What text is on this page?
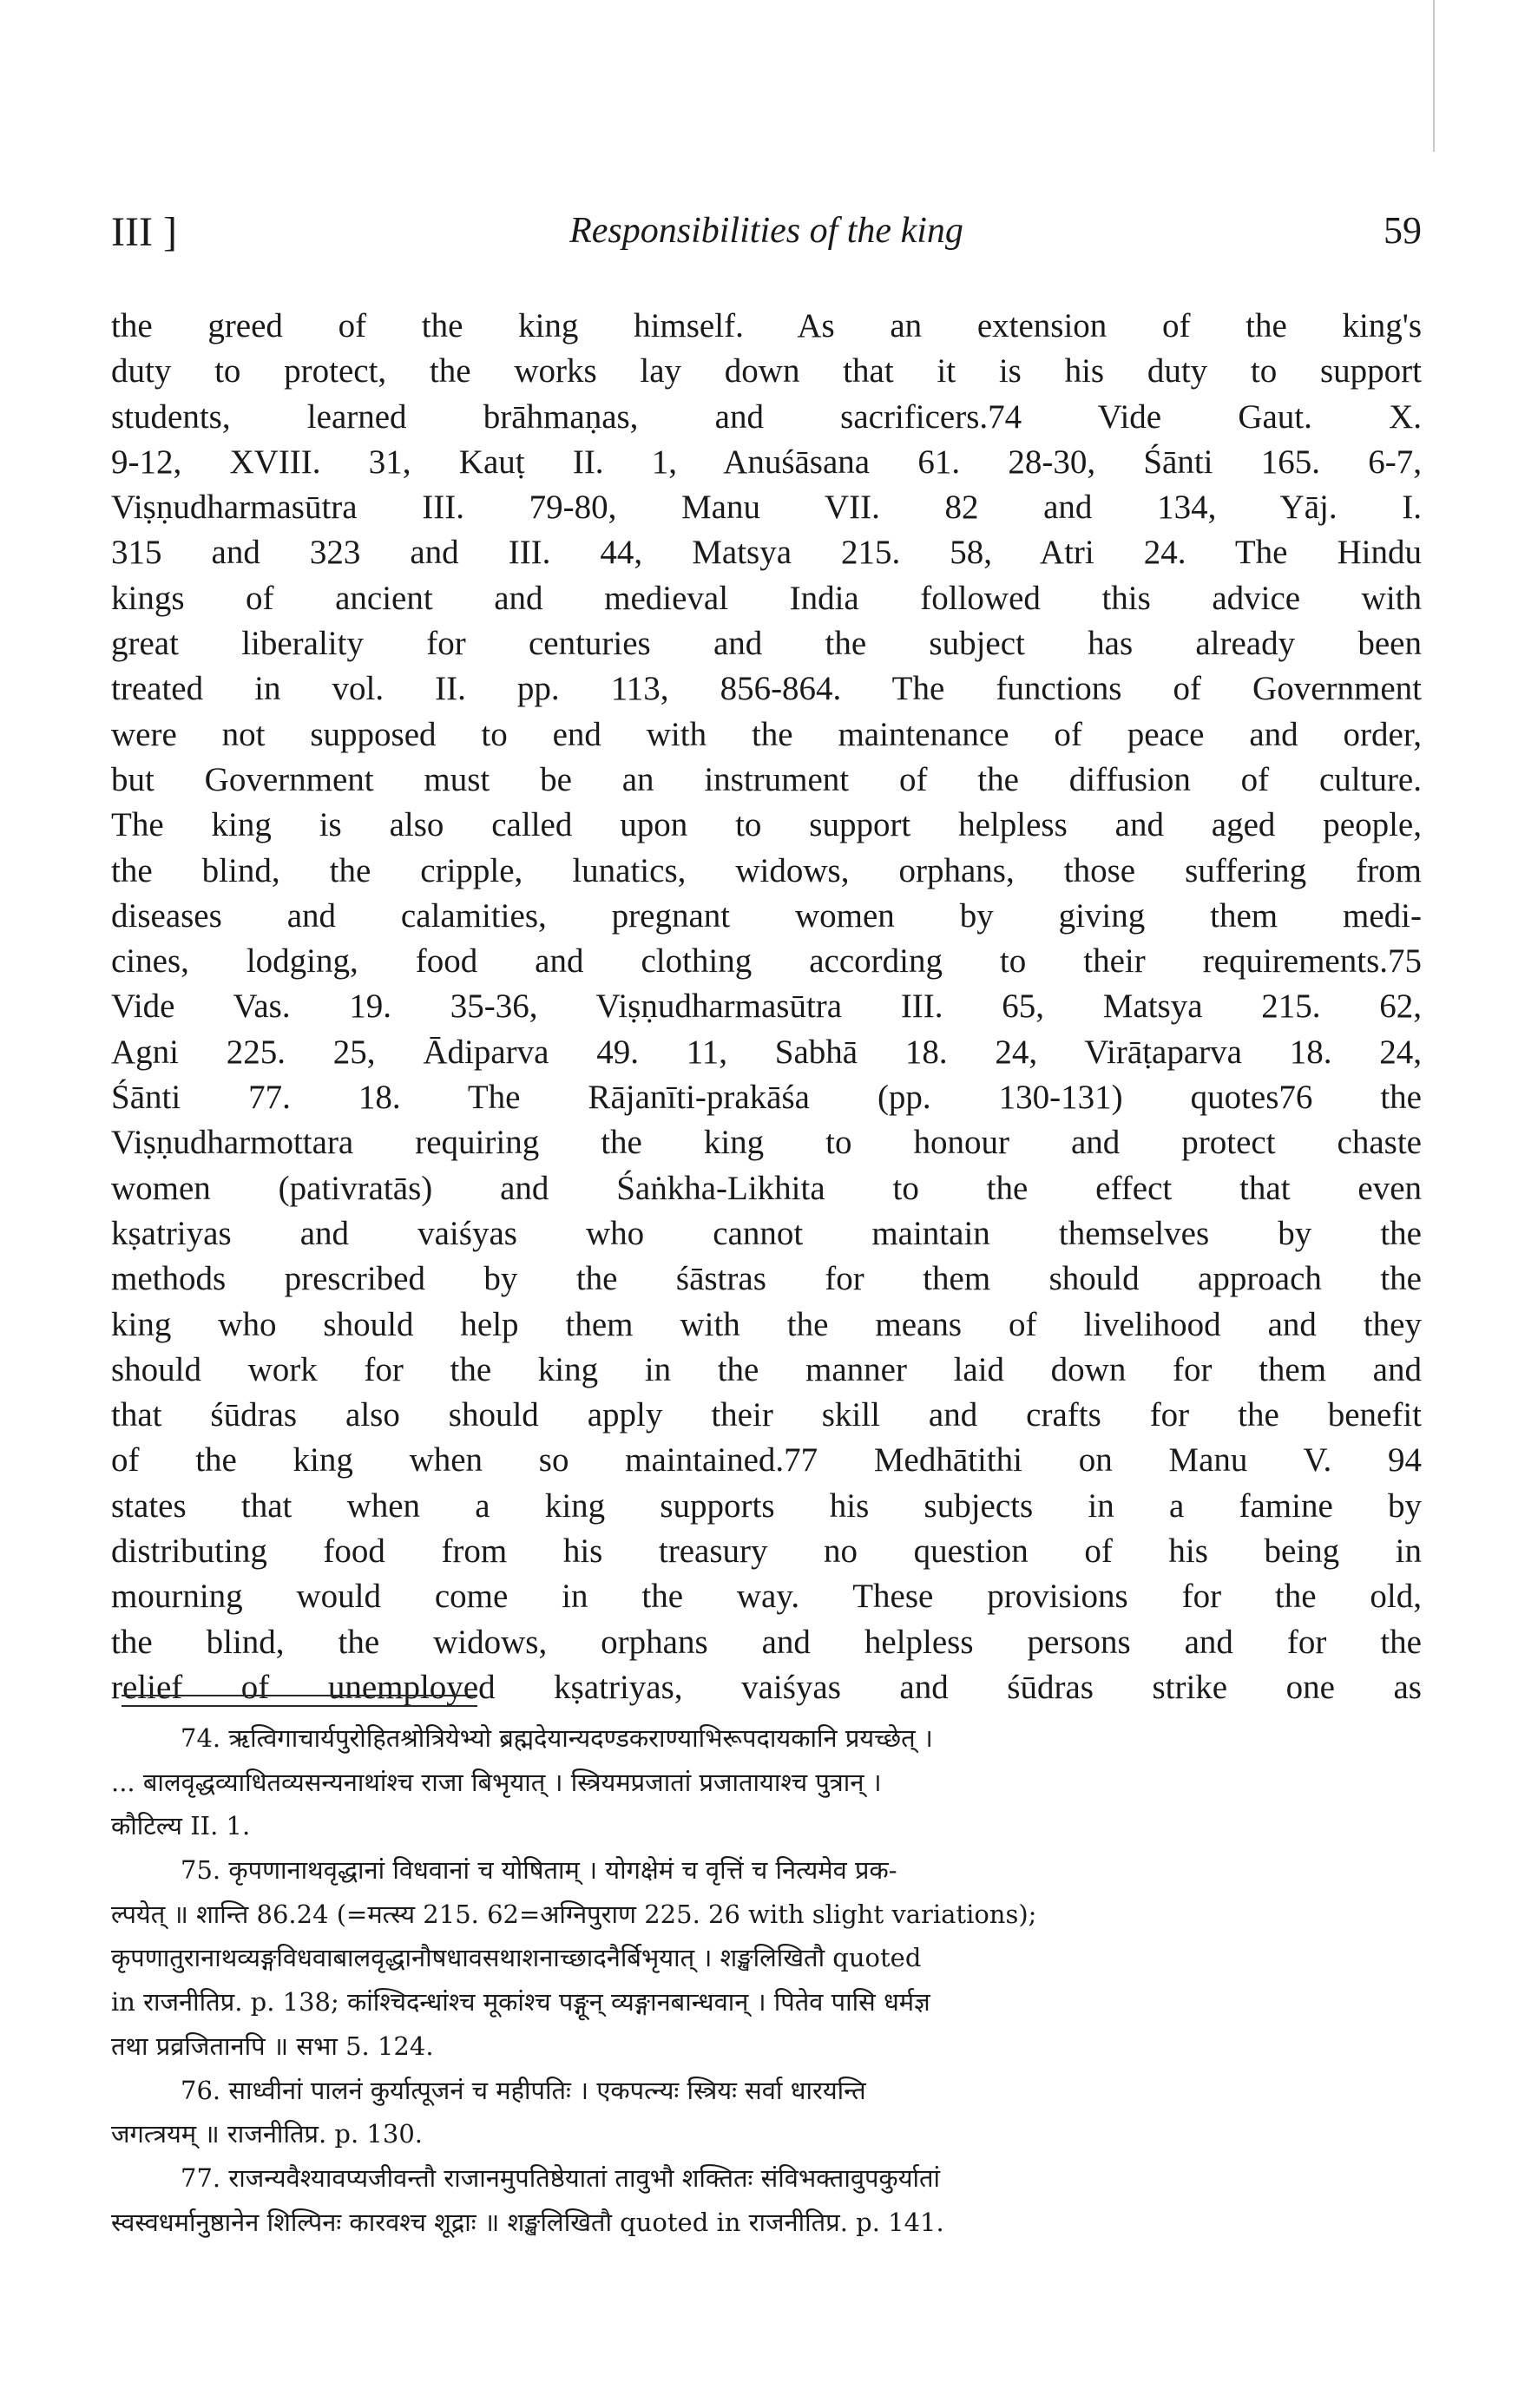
III ]	Responsibilities of the king	59
the greed of the king himself. As an extension of the king's
duty to protect, the works lay down that it is his duty to support
students, learned brāhmaṇas, and sacrificers.74 Vide Gaut. X.
9-12, XVIII. 31, Kauṭ II. 1, Anuśāsana 61. 28-30, Śānti 165. 6-7,
Viṣṇudharmasūtra III. 79-80, Manu VII. 82 and 134, Yāj. I.
315 and 323 and III. 44, Matsya 215. 58, Atri 24. The Hindu
kings of ancient and medieval India followed this advice with
great liberality for centuries and the subject has already been
treated in vol. II. pp. 113, 856-864. The functions of Government
were not supposed to end with the maintenance of peace and order,
but Government must be an instrument of the diffusion of culture.
The king is also called upon to support helpless and aged people,
the blind, the cripple, lunatics, widows, orphans, those suffering from
diseases and calamities, pregnant women by giving them medi-
cines, lodging, food and clothing according to their requirements.75
Vide Vas. 19. 35-36, Viṣṇudharmasūtra III. 65, Matsya 215. 62,
Agni 225. 25, Ādiparva 49. 11, Sabhā 18. 24, Virāṭaparva 18. 24,
Śānti 77. 18. The Rājanīti-prakāśa (pp. 130-131) quotes76 the
Viṣṇudharmottara requiring the king to honour and protect chaste
women (pativratās) and Śaṅkha-Likhita to the effect that even
kṣatriyas and vaiśyas who cannot maintain themselves by the
methods prescribed by the śāstras for them should approach the
king who should help them with the means of livelihood and they
should work for the king in the manner laid down for them and
that śūdras also should apply their skill and crafts for the benefit
of the king when so maintained.77 Medhātithi on Manu V. 94
states that when a king supports his subjects in a famine by
distributing food from his treasury no question of his being in
mourning would come in the way. These provisions for the old,
the blind, the widows, orphans and helpless persons and for the
relief of unemployed kṣatriyas, vaiśyas and śūdras strike one as
74. ऋत्विगाचार्यपुरोहितश्रोत्रियेभ्यो ब्रह्मदेयान्यदण्डकराण्याभिरूपदायकानि प्रयच्छेत् ।
... बालवृद्धव्याधितव्यसन्यनाथांश्च राजा बिभृयात् । स्त्रियमप्रजातां प्रजातायाश्च पुत्रान् ।
कौटिल्य II. 1.
75. कृपणानाथवृद्धानां विधवानां च योषिताम् । योगक्षेमं च वृत्तिं च नित्यमेव प्रक-
ल्पयेत् ॥ शान्ति 86.24 (=मत्स्य 215. 62=अग्निपुराण 225. 26 with slight variations);
कृपणातुरानाथव्यङ्गविधवाबालवृद्धानौषधावसथाशनाच्छादनैर्बिभृयात् । शङ्खलिखितौ quoted
in राजनीतिप्र. p. 138; कांश्चिदन्धांश्च मूकांश्च पङ्गून् व्यङ्गानबान्धवान् । पितेव पासि धर्मज्ञ
तथा प्रव्रजितानपि ॥ सभा 5. 124.
76. साध्वीनां पालनं कुर्यात्पूजनं च महीपतिः । एकपत्न्यः स्त्रियः सर्वा धारयन्ति
जगत्त्रयम् ॥ राजनीतिप्र. p. 130.
77. राजन्यवैश्यावप्यजीवन्तौ राजानमुपतिष्ठेयातां तावुभौ शक्तितः संविभक्तावुपकुर्यातां
स्वस्वधर्मानुष्ठानेन शिल्पिनः कारवश्च शूद्राः ॥ शङ्खलिखितौ quoted in राजनीतिप्र. p. 141.
